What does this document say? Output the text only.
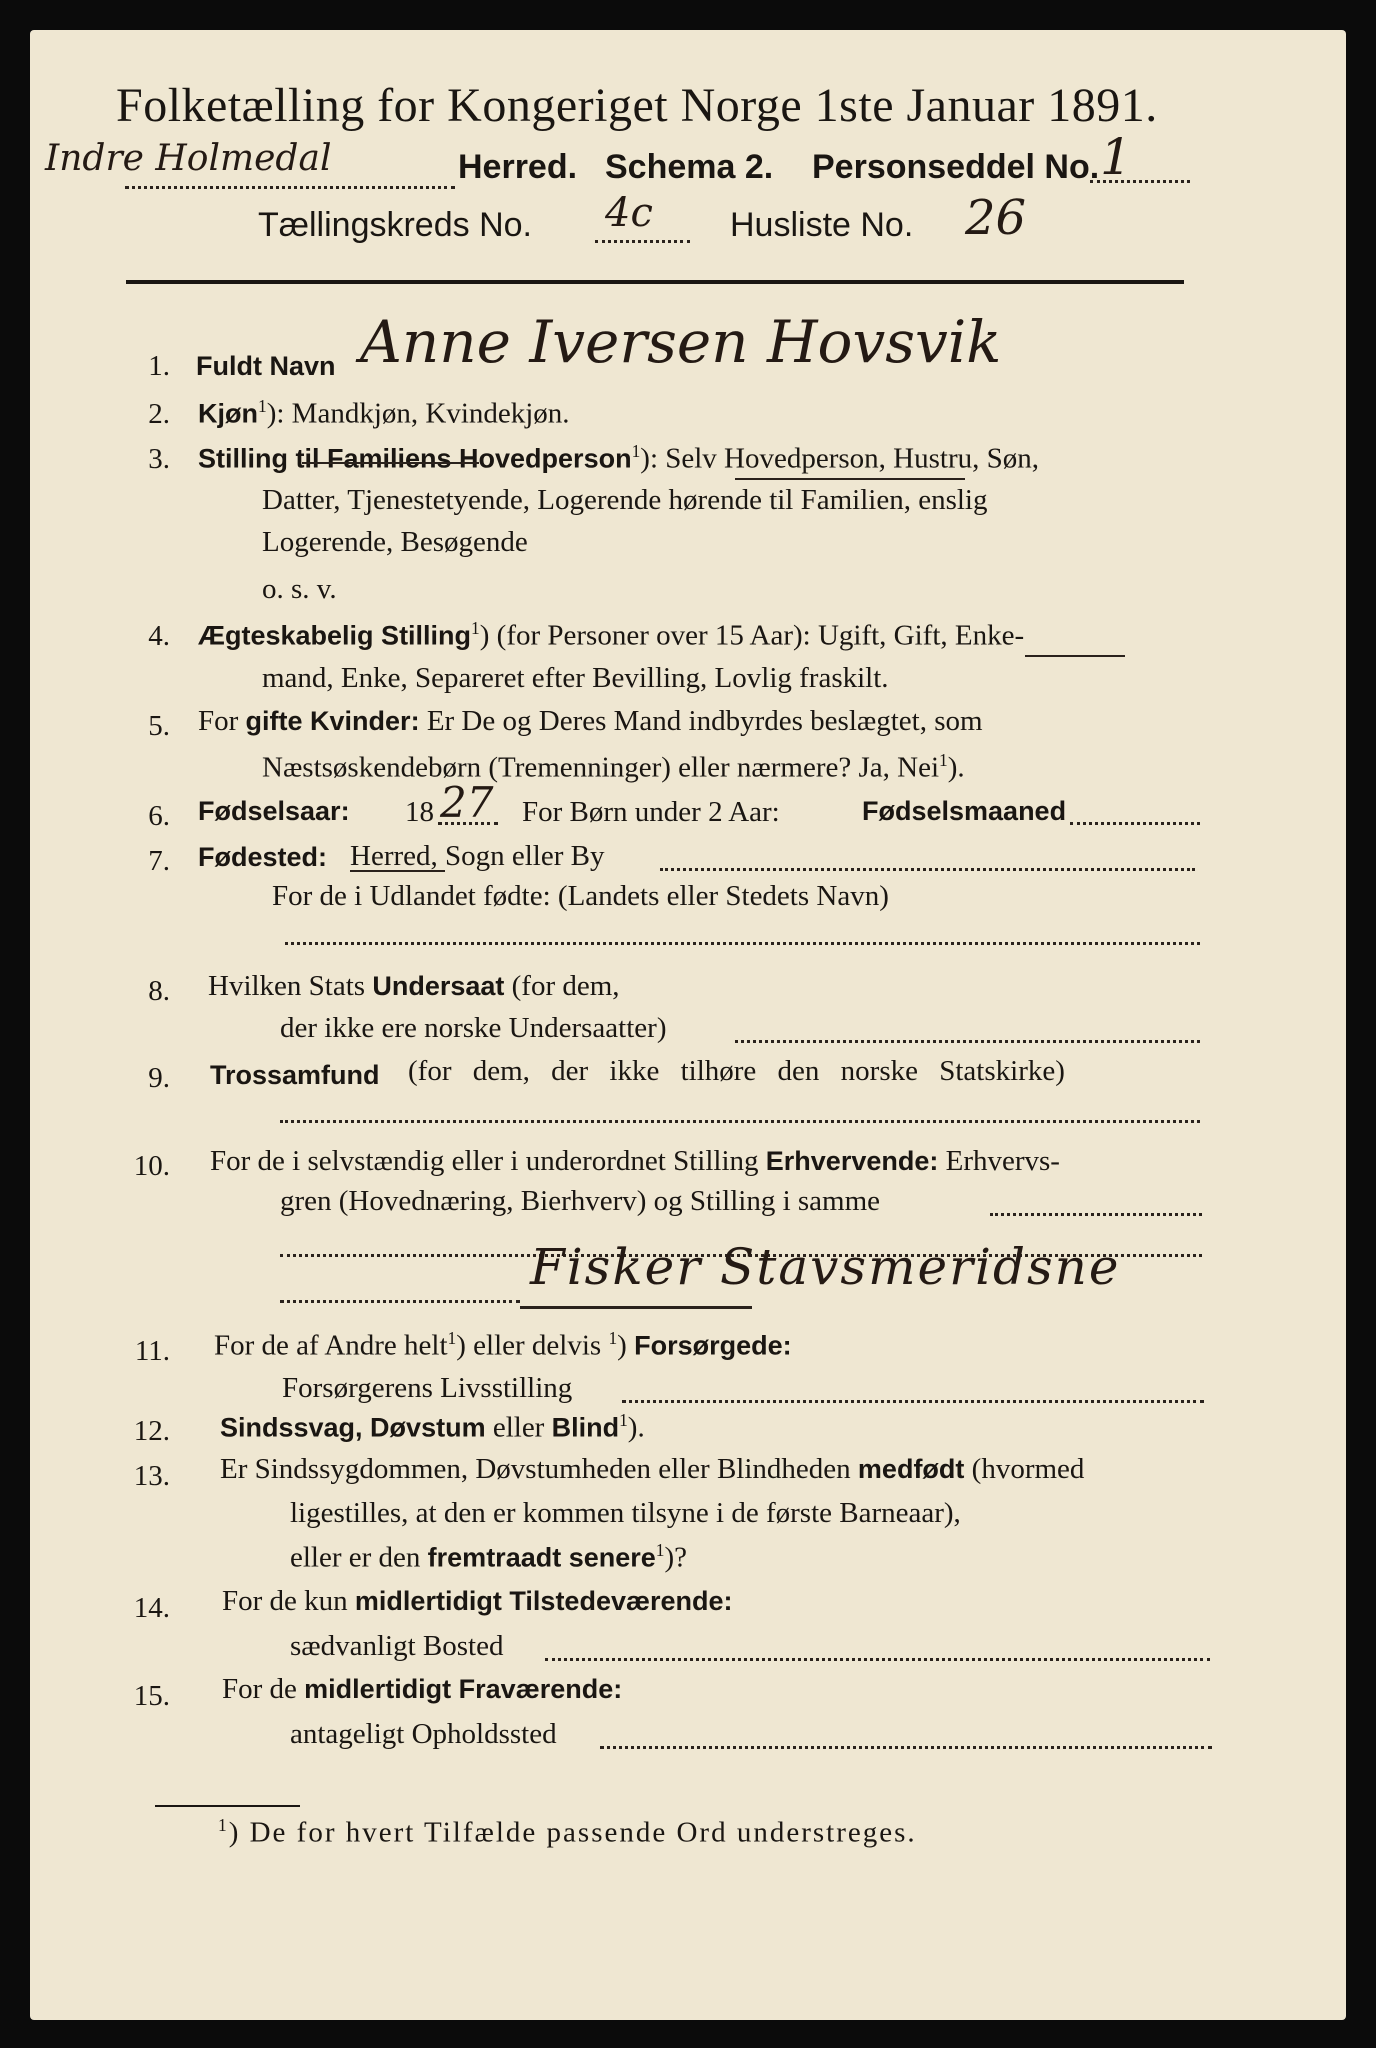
Folketælling for Kongeriget Norge 1ste Januar 1891.
Indre Holmedal	Herred. Schema 2. Personseddel No. 1
Tællingskreds No. 4c Husliste No. 26
1. Fuldt Navn Anne Iversen Hovsvik
2. Kjøn$^1$): Mandkjøn, Kvindekjøn.
3. Stilling til Familiens Hovedperson$^1$): Selv Hovedperson, Hustru, Søn,
Datter, Tjenestetyende, Logerende hørende til Familien, enslig
Logerende, Besøgende
o. s. v.
4. Ægteskabelig Stilling$^1$) (for Personer over 15 Aar): Ugift, Gift, Enke-
mand, Enke, Separeret efter Bevilling, Lovlig fraskilt.
5. For gifte Kvinder: Er De og Deres Mand indbyrdes beslægtet, som
Næstsøskendebørn (Tremenninger) eller nærmere? Ja, Nei$^1$).
6. Fødselsaar: 18 27 For Børn under 2 Aar:	Fødselsmaaned
7. Fødested: Herred, Sogn eller By
For de i Udlandet fødte: (Landets eller Stedets Navn)
8. Hvilken Stats Undersaat (for dem,
der ikke ere norske Undersaatter)
9. Trossamfund (for dem, der ikke tilhøre den norske Statskirke)
10. For de i selvstændig eller i underordnet Stilling Erhvervende: Erhvervs-
gren (Hovednæring, Bierhverv) og Stilling i samme
Fisker Stavsmeridsne
11. For de af Andre helt$^1$) eller delvis $^1$) Forsørgede:
Forsørgerens Livsstilling
12. Sindssvag, Døvstum eller Blind$^1$).
13. Er Sindssygdommen, Døvstumheden eller Blindheden medfødt (hvormed
ligestilles, at den er kommen tilsyne i de første Barneaar),
eller er den fremtraadt senere$^1$)?
14. For de kun midlertidigt Tilstedeværende:
sædvanligt Bosted
15. For de midlertidigt Fraværende:
antageligt Opholdssted
$^1$) De for hvert Tilfælde passende Ord understreges.
